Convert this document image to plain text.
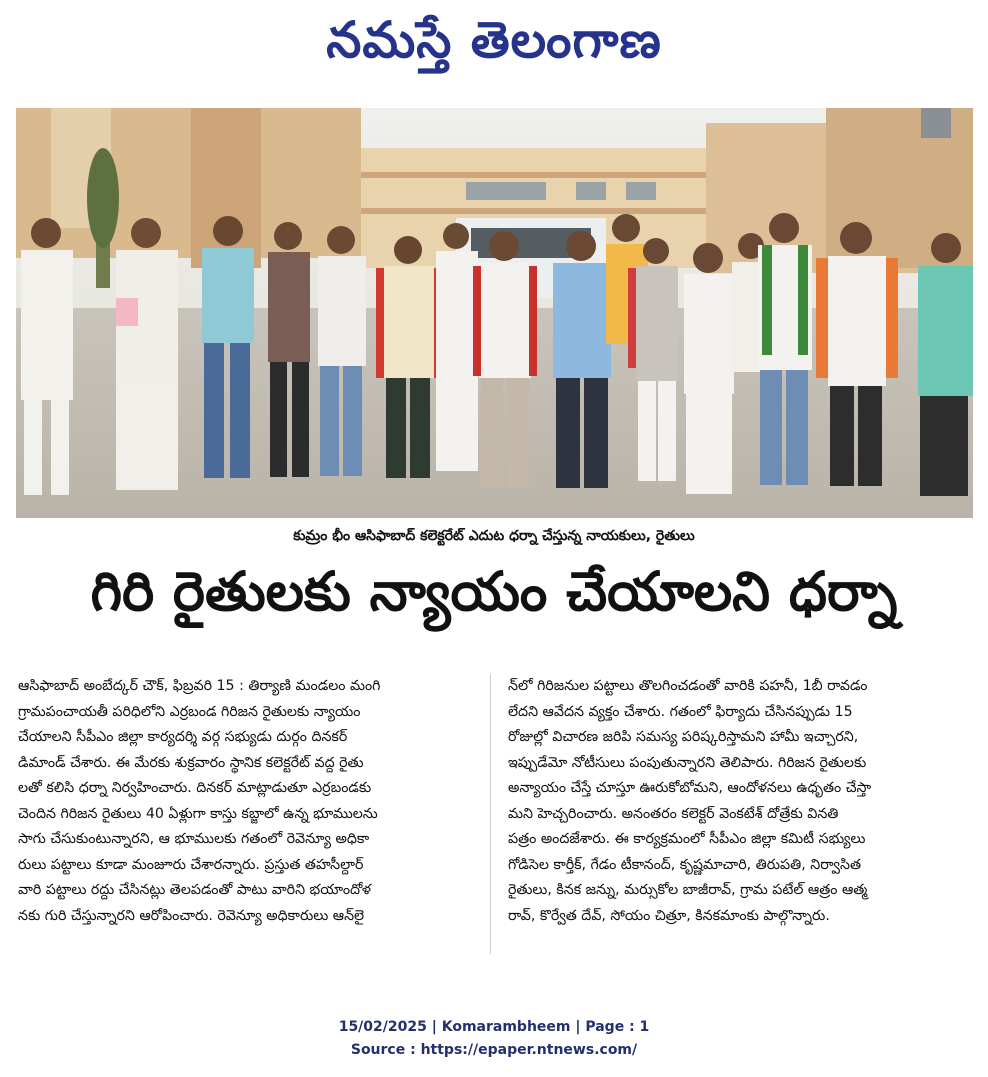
నమస్తే తెలంగాణ
కుమ్రం భీం ఆసిఫాబాద్ కలెక్టరేట్ ఎదుట ధర్నా చేస్తున్న నాయకులు, రైతులు
గిరి రైతులకు న్యాయం చేయాలని ధర్నా

ఆసిఫాబాద్ అంబేద్కర్ చౌక్, ఫిబ్రవరి 15 : తిర్యాణి మండలం మంగి

గ్రామపంచాయతీ పరిధిలోని ఎర్రబండ గిరిజన రైతులకు న్యాయం

చేయాలని సీపీఎం జిల్లా కార్యదర్శి వర్గ సభ్యుడు దుర్గం దినకర్

డిమాండ్ చేశారు. ఈ మేరకు శుక్రవారం స్థానిక కలెక్టరేట్ వద్ద రైతు

లతో కలిసి ధర్నా నిర్వహించారు. దినకర్ మాట్లాడుతూ ఎర్రబండకు

చెందిన గిరిజన రైతులు 40 ఏళ్లుగా కాస్తు కబ్జాలో ఉన్న భూములను

సాగు చేసుకుంటున్నారని, ఆ భూములకు గతంలో రెవెన్యూ అధికా

రులు పట్టాలు కూడా మంజూరు చేశారన్నారు. ప్రస్తుత తహసీల్దార్

వారి పట్టాలు రద్దు చేసినట్లు తెలపడంతో పాటు వారిని భయాందోళ

నకు గురి చేస్తున్నారని ఆరోపించారు. రెవెన్యూ అధికారులు ఆన్‌లై

న్‌లో గిరిజనుల పట్టాలు తొలగించడంతో వారికి పహనీ, 1బీ రావడం

లేదని ఆవేదన వ్యక్తం చేశారు. గతంలో ఫిర్యాదు చేసినప్పుడు 15

రోజుల్లో విచారణ జరిపి సమస్య పరిష్కరిస్తామని హామీ ఇచ్చారని,

ఇప్పుడేమో నోటీసులు పంపుతున్నారని తెలిపారు. గిరిజన రైతులకు

అన్యాయం చేస్తే చూస్తూ ఊరుకోబోమని, ఆందోళనలు ఉధృతం చేస్తా

మని హెచ్చరించారు. అనంతరం కలెక్టర్ వెంకటేశ్ దోత్రేకు వినతి

పత్రం అందజేశారు. ఈ కార్యక్రమంలో సీపీఎం జిల్లా కమిటీ సభ్యులు

గోడిసెల కార్తీక్, గేడం టీకానంద్, కృష్ణమాచారి, తిరుపతి, నిర్వాసిత

రైతులు, కినక జన్ను, మర్సుకోల బాజీరావ్, గ్రామ పటేల్ ఆత్రం ఆత్మ

రావ్, కొర్వేత దేవ్, సోయం చిత్రూ, కినకమాంకు పాల్గొన్నారు.

15/02/2025 | Komarambheem | Page : 1
Source : https://epaper.ntnews.com/
